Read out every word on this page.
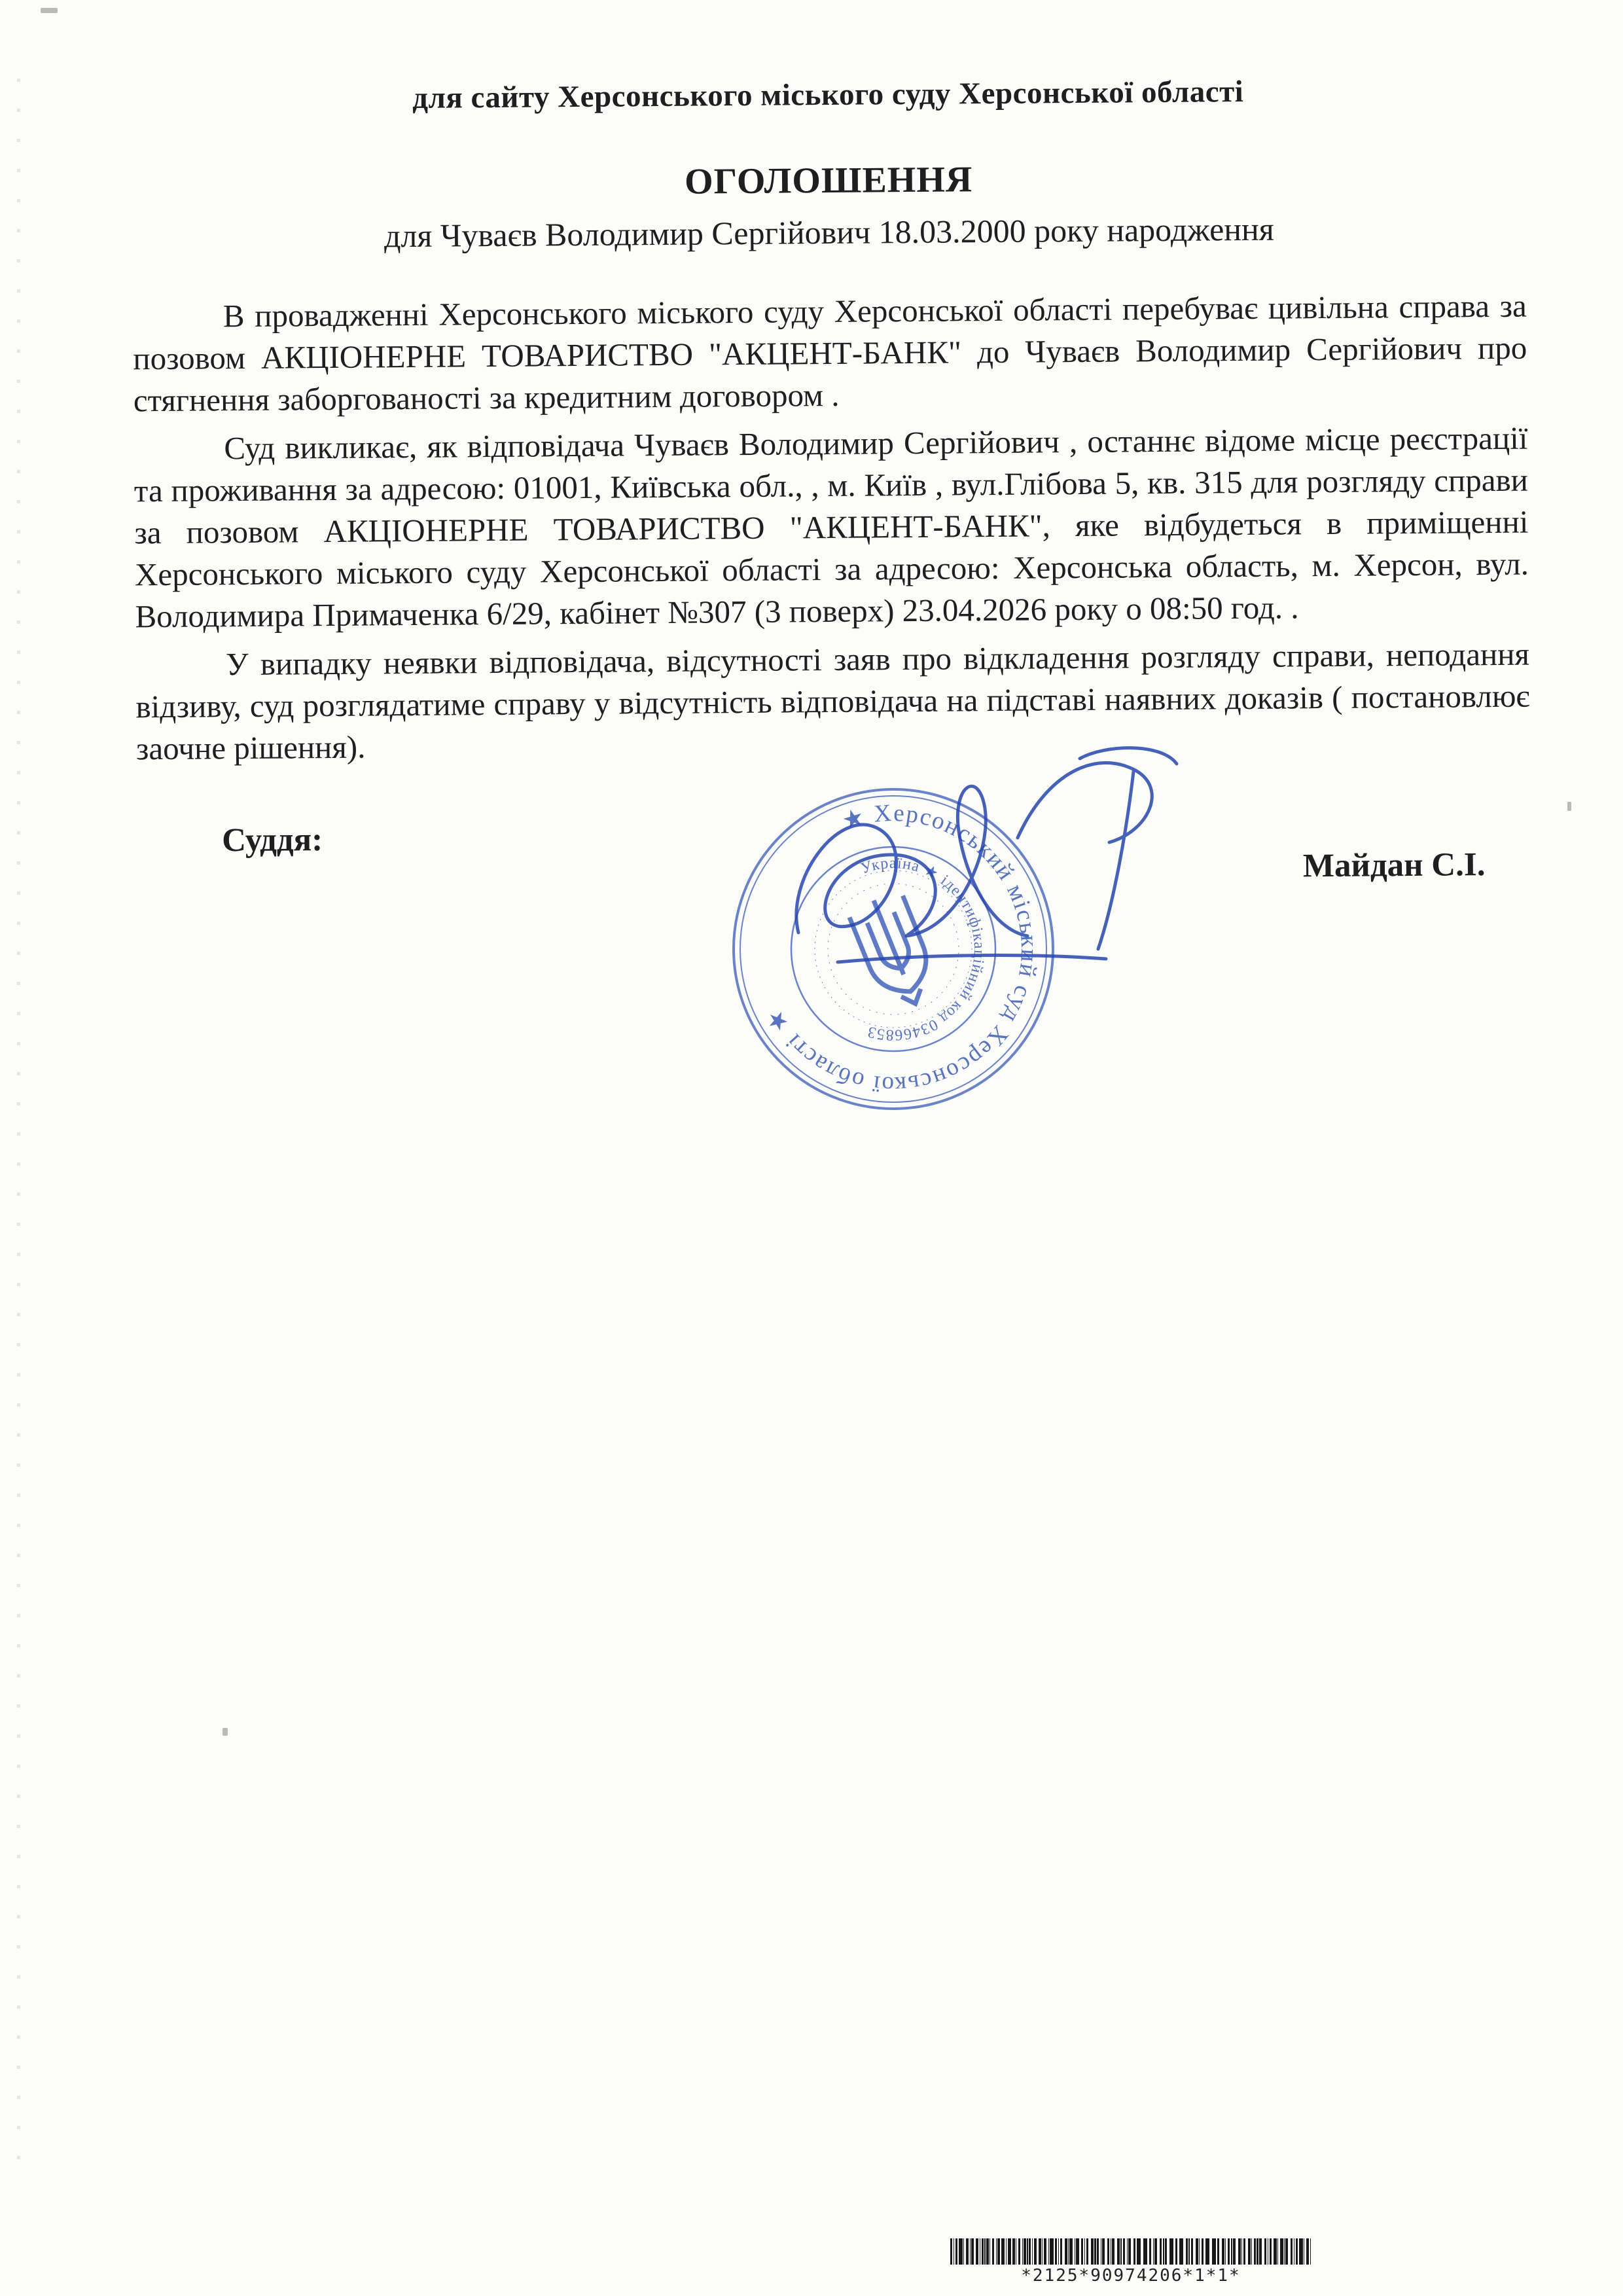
для сайту Херсонського міського суду Херсонської області
ОГОЛОШЕННЯ
для Чуваєв Володимир Сергійович 18.03.2000 року народження

В провадженні Херсонського міського суду Херсонської області перебуває цивільна справа за позовом АКЦІОНЕРНЕ ТОВАРИСТВО "АКЦЕНТ-БАНК" до Чуваєв Володимир Сергійович про стягнення заборгованості за кредитним договором .

Суд викликає, як відповідача Чуваєв Володимир Сергійович , останнє відоме місце реєстрації та проживання за адресою: 01001, Київська обл., , м. Київ , вул.Глібова 5, кв. 315 для розгляду справи за позовом АКЦІОНЕРНЕ ТОВАРИСТВО "АКЦЕНТ-БАНК", яке відбудеться в приміщенні Херсонського міського суду Херсонської області за адресою: Херсонська область, м. Херсон, вул. Володимира Примаченка 6/29, кабінет №307 (3 поверх) 23.04.2026 року о 08:50 год. .

У випадку неявки відповідача, відсутності заяв про відкладення розгляду справи, неподання відзиву, суд розглядатиме справу у відсутність відповідача на підставі наявних доказів ( постановлює заочне рішення).

Суддя:
Майдан С.І.
★ Херсонський міський суд Херсонської області ★
Україна ★ ідентифікаційний код 03466853
*2125*90974206*1*1*
